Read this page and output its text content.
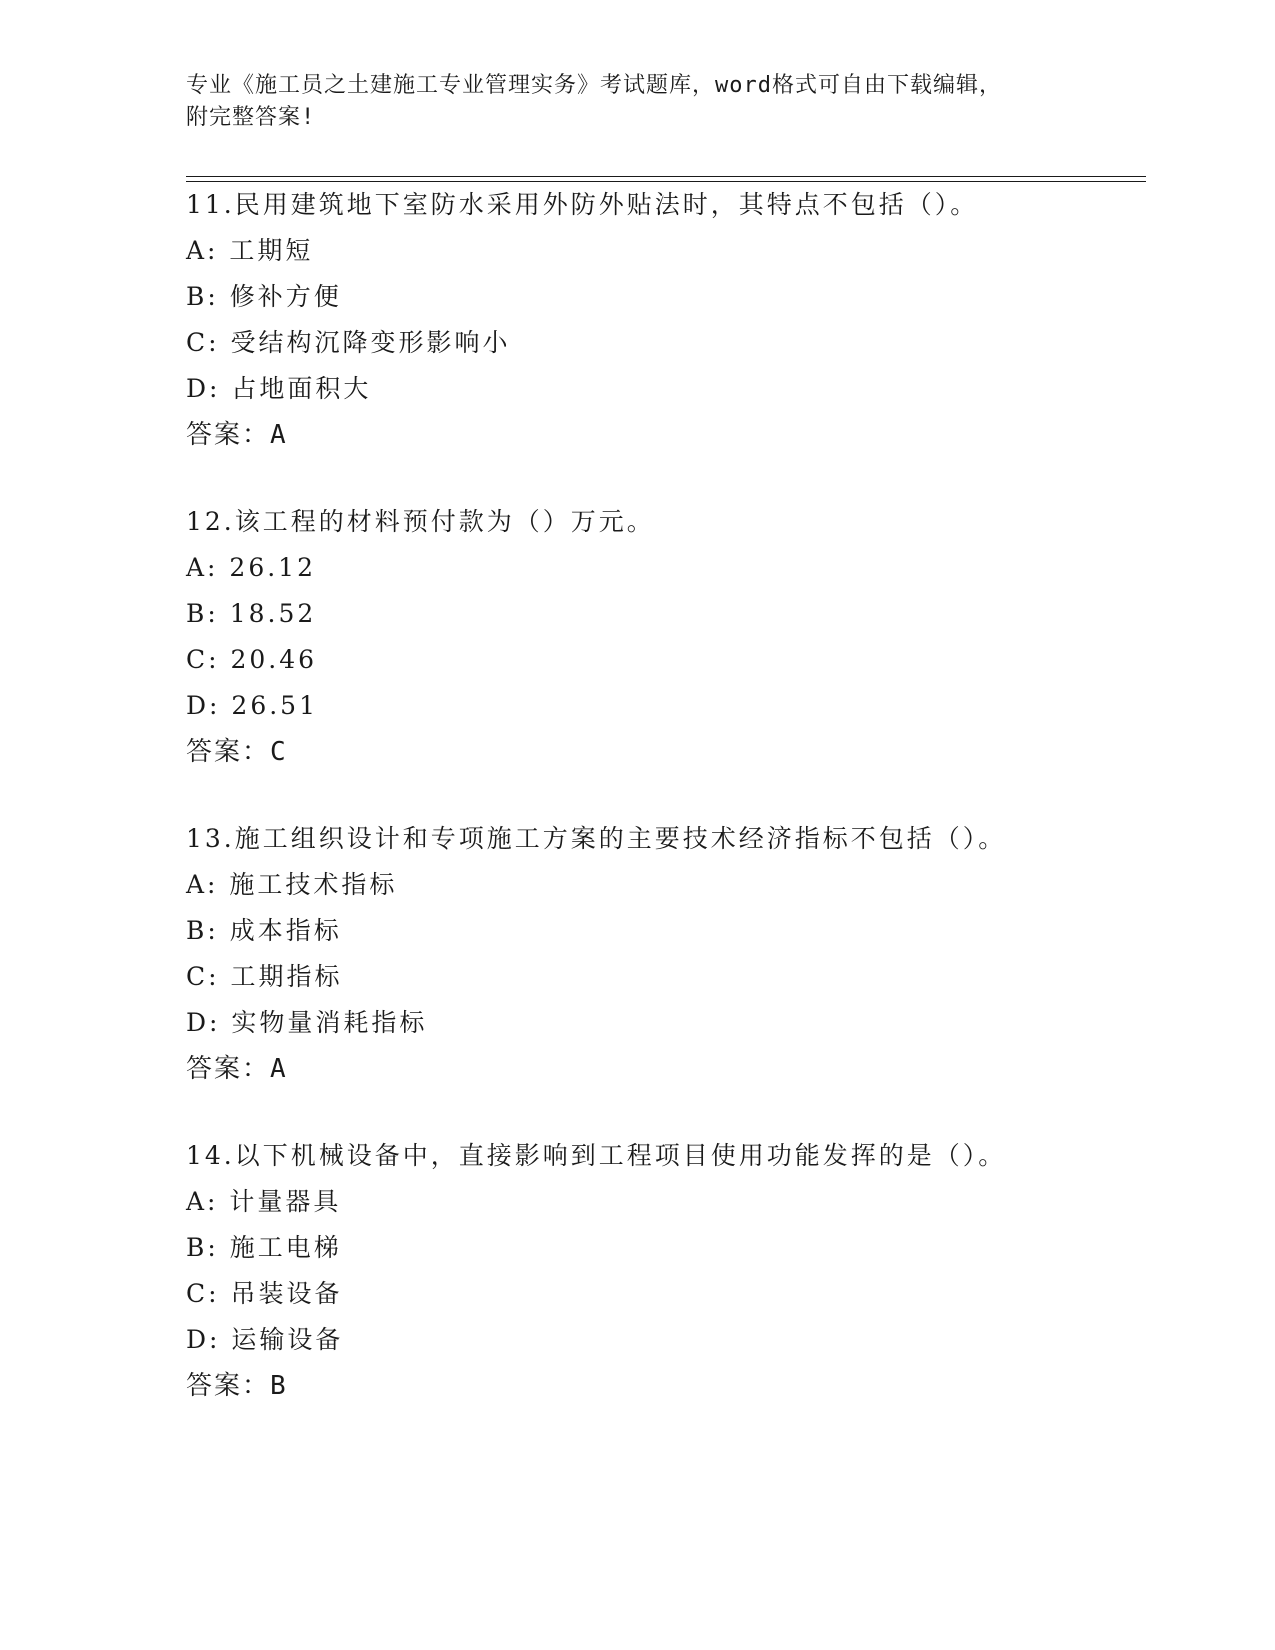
专业《施工员之土建施工专业管理实务》考试题库，word格式可自由下载编辑，
附完整答案!
11.民用建筑地下室防水采用外防外贴法时，其特点不包括（）。
A: 工期短
B: 修补方便
C: 受结构沉降变形影响小
D: 占地面积大
答案：A
12.该工程的材料预付款为（）万元。
A: 26.12
B: 18.52
C: 20.46
D: 26.51
答案：C
13.施工组织设计和专项施工方案的主要技术经济指标不包括（）。
A: 施工技术指标
B: 成本指标
C: 工期指标
D: 实物量消耗指标
答案：A
14.以下机械设备中，直接影响到工程项目使用功能发挥的是（）。
A: 计量器具
B: 施工电梯
C: 吊装设备
D: 运输设备
答案：B
